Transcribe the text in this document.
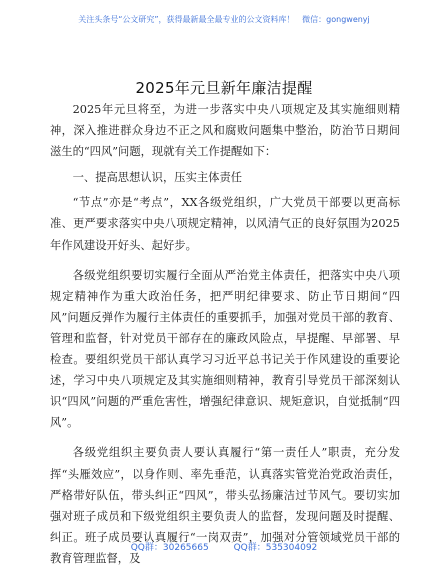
关注头条号“公文研究”，获得最新最全最专业的公文资料库！ 微信：gongwenyj
2025年元旦新年廉洁提醒

2025年元旦将至，为进一步落实中央八项规定及其实施细则精神，深入推进群众身边不正之风和腐败问题集中整治，防治节日期间滋生的“四风”问题，现就有关工作提醒如下：

一、提高思想认识，压实主体责任

“节点”亦是“考点”，XX各级党组织，广大党员干部要以更高标准、更严要求落实中央八项规定精神，以风清气正的良好氛围为2025年作风建设开好头、起好步。

各级党组织要切实履行全面从严治党主体责任，把落实中央八项规定精神作为重大政治任务，把严明纪律要求、防止节日期间“四风”问题反弹作为履行主体责任的重要抓手，加强对党员干部的教育、管理和监督，针对党员干部存在的廉政风险点，早提醒、早部署、早检查。要组织党员干部认真学习习近平总书记关于作风建设的重要论述，学习中央八项规定及其实施细则精神，教育引导党员干部深刻认识“四风”问题的严重危害性，增强纪律意识、规矩意识，自觉抵制“四风”。

各级党组织主要负责人要认真履行“第一责任人”职责，充分发挥“头雁效应”，以身作则、率先垂范，认真落实管党治党政治责任，严格带好队伍，带头纠正“四风”，带头弘扬廉洁过节风气。要切实加强对班子成员和下级党组织主要负责人的监督，发现问题及时提醒、纠正。班子成员要认真履行“一岗双责”，加强对分管领域党员干部的教育管理监督，及

QQ群：30265665	QQ群：535304092
